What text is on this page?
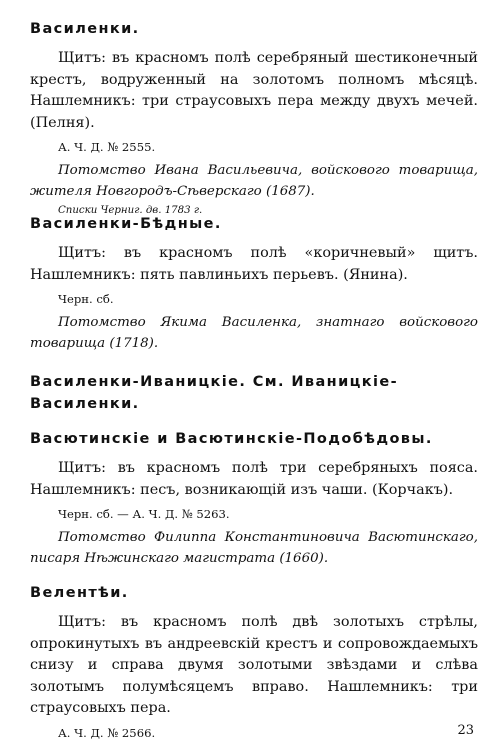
Василенки.

Щитъ: въ красномъ полѣ серебряный шестиконечный крестъ, водруженный на золотомъ полномъ мѣсяцѣ. Нашлемникъ: три страусовыхъ пера между двухъ мечей. (Пелня).

А. Ч. Д. № 2555.

Потомство Ивана Васильевича, войскового товарища, жителя Новгородъ-Сѣверскаго (1687).

Списки Черниг. дв. 1783 г.

Василенки-Бѣдные.

Щитъ: въ красномъ полѣ «коричневый» щитъ. Нашлемникъ: пять павлиньихъ перьевъ. (Янина).

Черн. сб.

Потомство Якима Василенка, знатнаго войскового товарища (1718).

Василенки-Иваницкіе. См. Иваницкіе-Василенки.

Васютинскіе и Васютинскіе-Подобѣдовы.

Щитъ: въ красномъ полѣ три серебряныхъ пояса. Нашлемникъ: песъ, возникающій изъ чаши. (Корчакъ).

Черн. сб. — А. Ч. Д. № 5263.

Потомство Филиппа Константиновича Васютинскаго, писаря Нѣжинскаго магистрата (1660).

Велентѣи.

Щитъ: въ красномъ полѣ двѣ золотыхъ стрѣлы, опрокинутыхъ въ андреевскій крестъ и сопровождаемыхъ снизу и справа двумя золотыми звѣздами и слѣва золотымъ полумѣсяцемъ вправо. Нашлемникъ: три страусовыхъ пера.

А. Ч. Д. № 2566.	23
